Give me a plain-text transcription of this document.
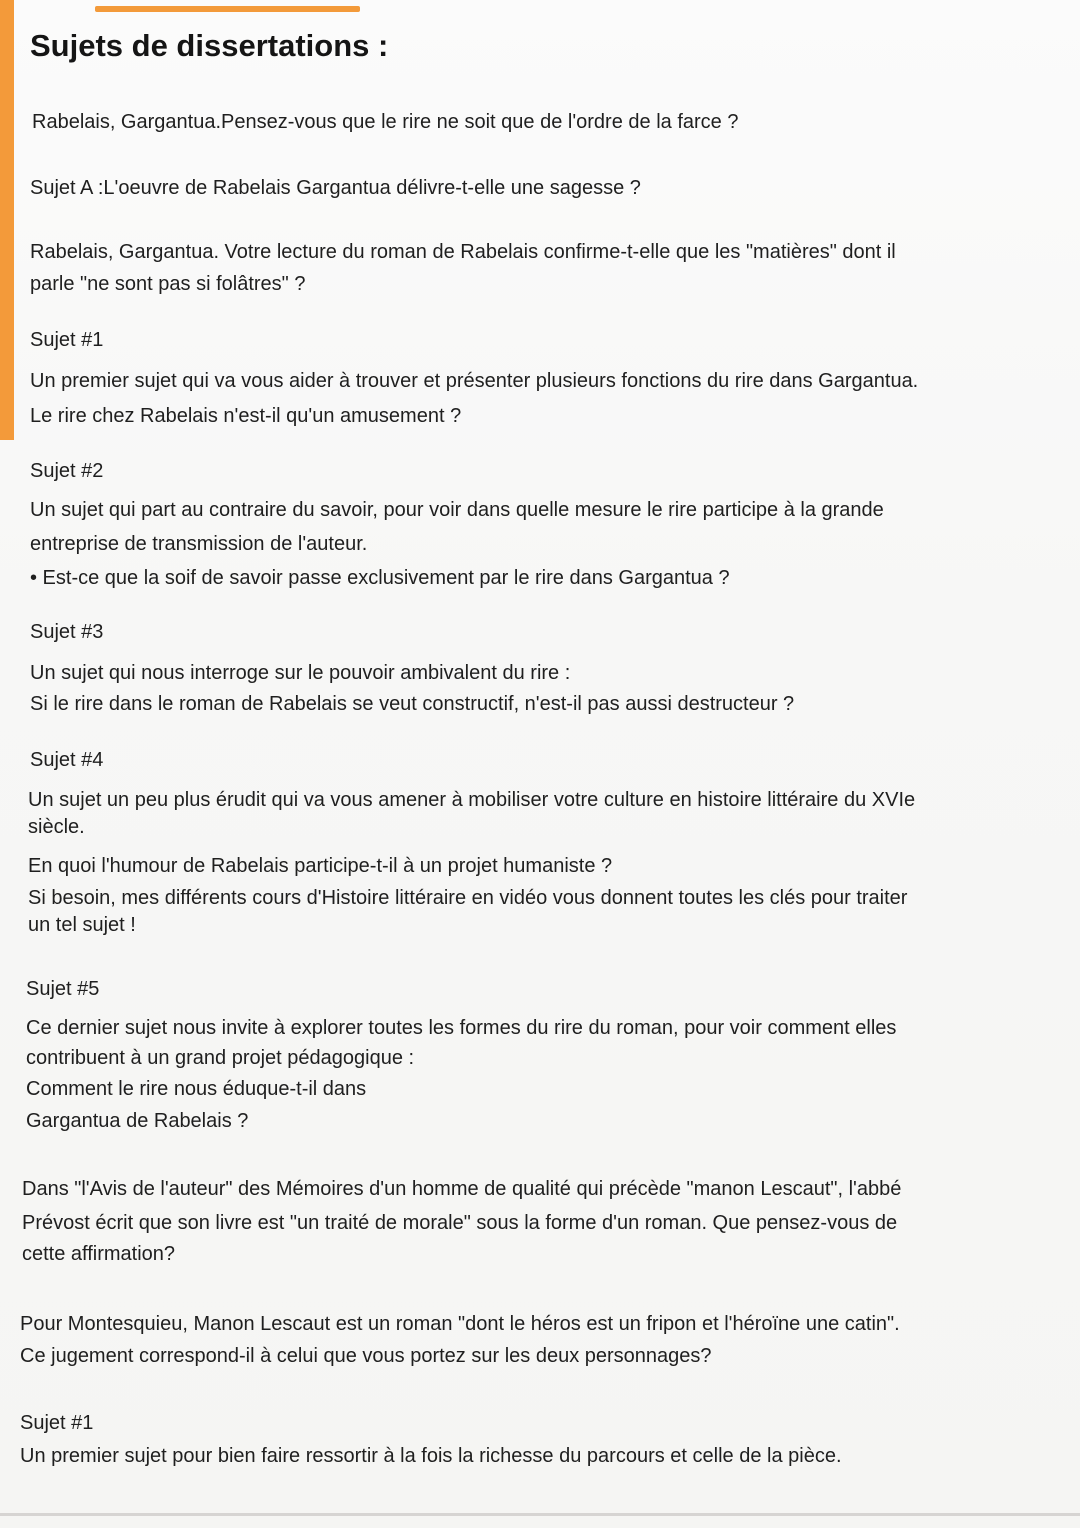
Sujets de dissertations :

Rabelais, Gargantua.Pensez-vous que le rire ne soit que de l'ordre de la farce ?

Sujet A :L'oeuvre de Rabelais Gargantua délivre-t-elle une sagesse ?

Rabelais, Gargantua. Votre lecture du roman de Rabelais confirme-t-elle que les "matières" dont il

parle "ne sont pas si folâtres" ?

Sujet #1

Un premier sujet qui va vous aider à trouver et présenter plusieurs fonctions du rire dans Gargantua.

Le rire chez Rabelais n'est-il qu'un amusement ?

Sujet #2

Un sujet qui part au contraire du savoir, pour voir dans quelle mesure le rire participe à la grande

entreprise de transmission de l'auteur.

• Est-ce que la soif de savoir passe exclusivement par le rire dans Gargantua ?

Sujet #3

Un sujet qui nous interroge sur le pouvoir ambivalent du rire :

Si le rire dans le roman de Rabelais se veut constructif, n'est-il pas aussi destructeur ?

Sujet #4

Un sujet un peu plus érudit qui va vous amener à mobiliser votre culture en histoire littéraire du XVIe

siècle.

En quoi l'humour de Rabelais participe-t-il à un projet humaniste ?

Si besoin, mes différents cours d'Histoire littéraire en vidéo vous donnent toutes les clés pour traiter

un tel sujet !

Sujet #5

Ce dernier sujet nous invite à explorer toutes les formes du rire du roman, pour voir comment elles

contribuent à un grand projet pédagogique :

Comment le rire nous éduque-t-il dans

Gargantua de Rabelais ?

Dans "l'Avis de l'auteur" des Mémoires d'un homme de qualité qui précède "manon Lescaut", l'abbé

Prévost écrit que son livre est "un traité de morale" sous la forme d'un roman. Que pensez-vous de

cette affirmation?

Pour Montesquieu, Manon Lescaut est un roman "dont le héros est un fripon et l'héroïne une catin".

Ce jugement correspond-il à celui que vous portez sur les deux personnages?

Sujet #1

Un premier sujet pour bien faire ressortir à la fois la richesse du parcours et celle de la pièce.
